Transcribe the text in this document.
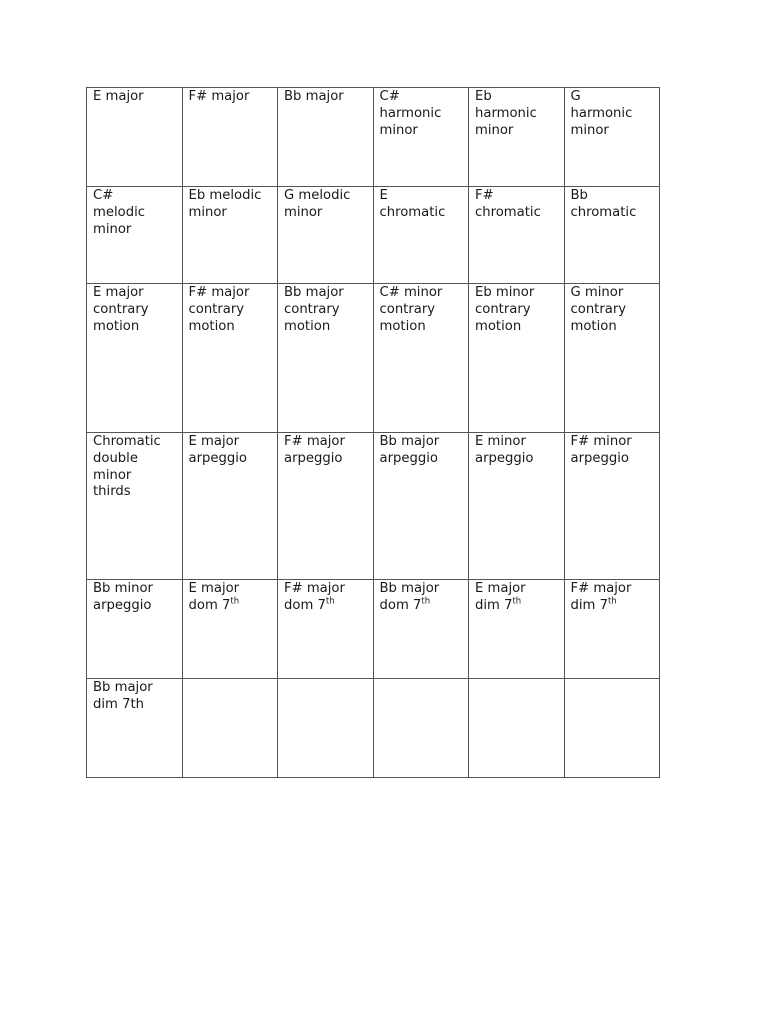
E major	F# major	Bb major	C#
harmonic
minor	Eb
harmonic
minor	G
harmonic
minor

C#
melodic
minor	Eb melodic
minor	G melodic
minor	E
chromatic	F#
chromatic	Bb
chromatic

E major
contrary
motion	F# major
contrary
motion	Bb major
contrary
motion	C# minor
contrary
motion	Eb minor
contrary
motion	G minor
contrary
motion

Chromatic
double
minor
thirds	E major
arpeggio	F# major
arpeggio	Bb major
arpeggio	E minor
arpeggio	F# minor
arpeggio

Bb minor
arpeggio	E major
dom 7th	F# major
dom 7th	Bb major
dom 7th	E major
dim 7th	F# major
dim 7th

Bb major
dim 7th					
